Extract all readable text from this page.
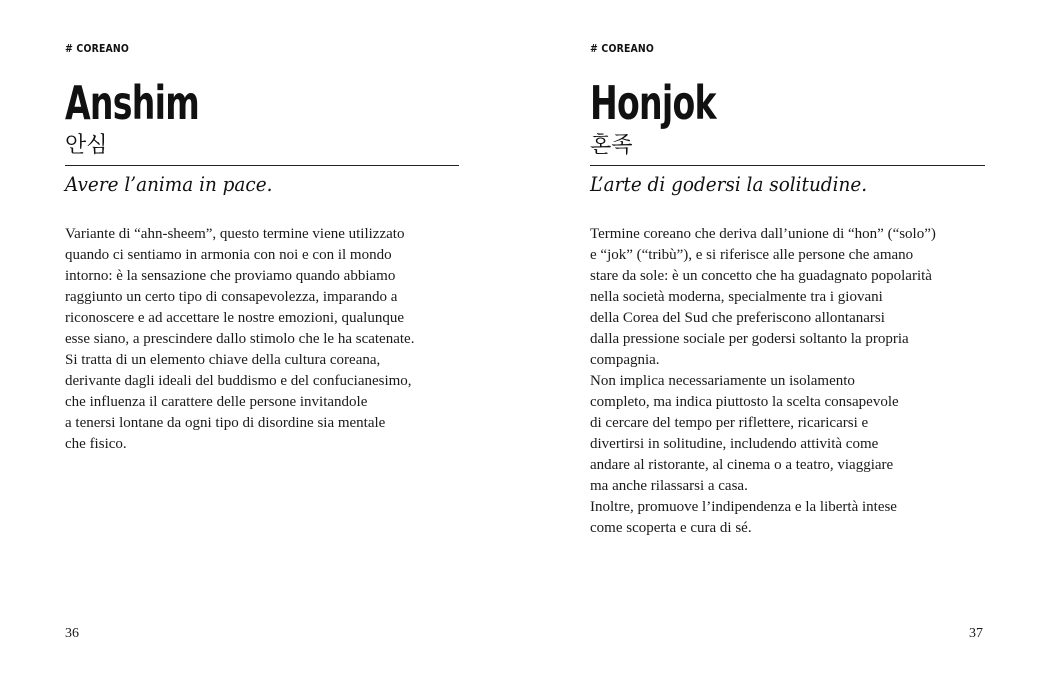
# COREANO
Anshim
안심
Avere l’anima in pace.
Variante di “ahn-sheem”, questo termine viene utilizzato
quando ci sentiamo in armonia con noi e con il mondo
intorno: è la sensazione che proviamo quando abbiamo
raggiunto un certo tipo di consapevolezza, imparando a
riconoscere e ad accettare le nostre emozioni, qualunque
esse siano, a prescindere dallo stimolo che le ha scatenate.
Si tratta di un elemento chiave della cultura coreana,
derivante dagli ideali del buddismo e del confucianesimo,
che influenza il carattere delle persone invitandole
a tenersi lontane da ogni tipo di disordine sia mentale
che fisico.
36
# COREANO
Honjok
혼족
L’arte di godersi la solitudine.
Termine coreano che deriva dall’unione di “hon” (“solo”)
e “jok” (“tribù”), e si riferisce alle persone che amano
stare da sole: è un concetto che ha guadagnato popolarità
nella società moderna, specialmente tra i giovani
della Corea del Sud che preferiscono allontanarsi
dalla pressione sociale per godersi soltanto la propria
compagnia.
Non implica necessariamente un isolamento
completo, ma indica piuttosto la scelta consapevole
di cercare del tempo per riflettere, ricaricarsi e
divertirsi in solitudine, includendo attività come
andare al ristorante, al cinema o a teatro, viaggiare
ma anche rilassarsi a casa.
Inoltre, promuove l’indipendenza e la libertà intese
come scoperta e cura di sé.
37
